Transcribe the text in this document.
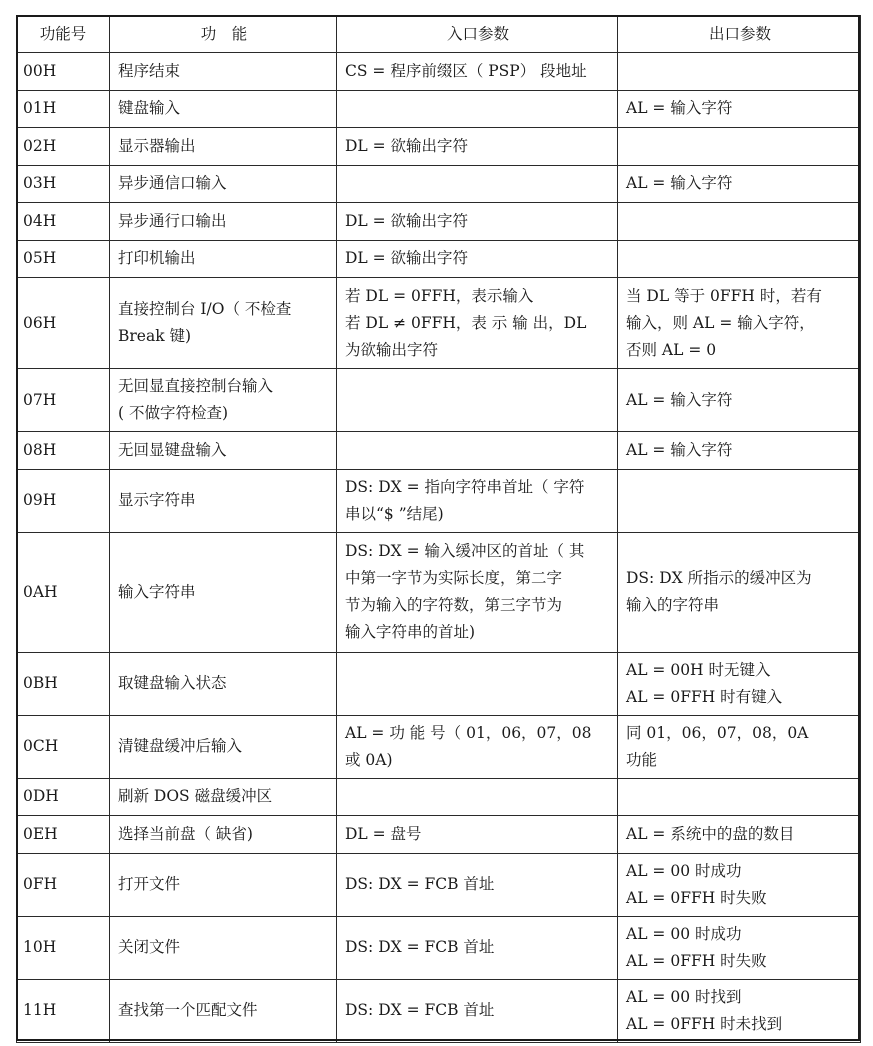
功能号	功　能	入口参数	出口参数
00H	程序结束	CS = 程序前缀区（ PSP） 段地址	

01H	键盘输入		AL = 输入字符

02H	显示器输出	DL = 欲输出字符	

03H	异步通信口输入		AL = 输入字符

04H	异步通行口输出	DL = 欲输出字符	

05H	打印机输出	DL = 欲输出字符	

06H	直接控制台 I/O（ 不检查
Break 键)	若 DL = 0FFH，表示输入
若 DL ≠ 0FFH，表 示 输 出，DL
为欲输出字符	当 DL 等于 0FFH 时，若有
输入，则 AL = 输入字符，
否则 AL = 0

07H	无回显直接控制台输入
( 不做字符检查)		AL = 输入字符

08H	无回显键盘输入		AL = 输入字符

09H	显示字符串	DS: DX = 指向字符串首址（ 字符
串以“$ ”结尾)	

0AH	输入字符串	DS: DX = 输入缓冲区的首址（ 其
中第一字节为实际长度，第二字
节为输入的字符数，第三字节为
输入字符串的首址)	DS: DX 所指示的缓冲区为
输入的字符串

0BH	取键盘输入状态		AL = 00H 时无键入
AL = 0FFH 时有键入

0CH	清键盘缓冲后输入	AL = 功 能 号（ 01，06，07，08
或 0A)	同 01，06，07，08，0A
功能

0DH	刷新 DOS 磁盘缓冲区		

0EH	选择当前盘（ 缺省)	DL = 盘号	AL = 系统中的盘的数目

0FH	打开文件	DS: DX = FCB 首址	AL = 00 时成功
AL = 0FFH 时失败

10H	关闭文件	DS: DX = FCB 首址	AL = 00 时成功
AL = 0FFH 时失败

11H	查找第一个匹配文件	DS: DX = FCB 首址	AL = 00 时找到
AL = 0FFH 时未找到
